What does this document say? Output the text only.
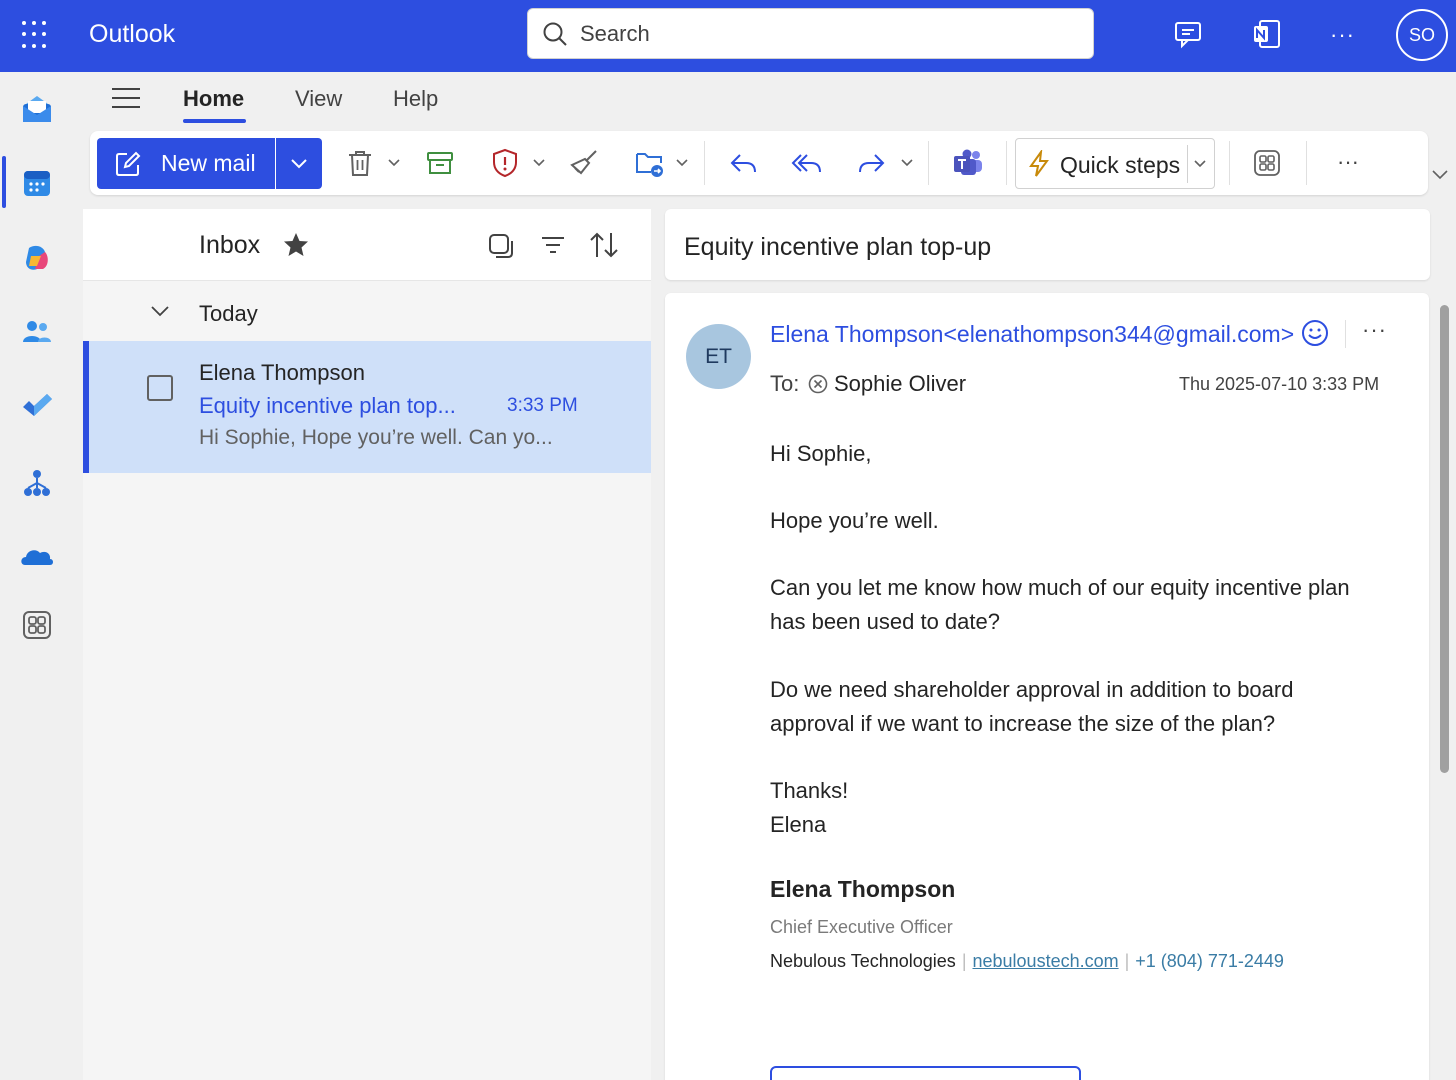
Outlook
Search	···	SO
Home View Help
New mail	Quick steps	···
Inbox
Today
Elena Thompson
Equity incentive plan top...	3:33 PM
Hi Sophie, Hope you’re well. Can yo...
Equity incentive plan top-up
ET
Elena Thompson<elenathompson344@gmail.com>	···
To:	Sophie Oliver	Thu 2025-07-10 3:33 PM
Hi Sophie,
Hope you’re well.
Can you let me know how much of our equity incentive plan has been used to date?
Do we need shareholder approval in addition to board approval if we want to increase the size of the plan?
Thanks!
Elena
Elena Thompson
Chief Executive Officer
Nebulous Technologies | nebuloustech.com | +1 (804) 771-2449
